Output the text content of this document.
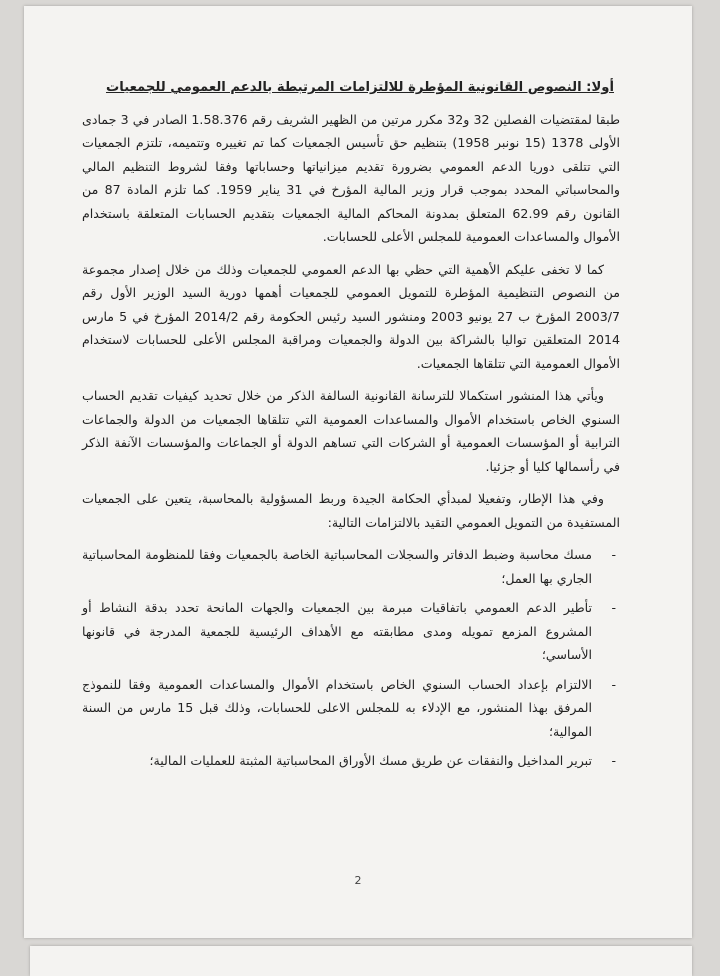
أولا: النصوص القانونية المؤطرة للالتزامات المرتبطة بالدعم العمومي للجمعيات

طبقا لمقتضيات الفصلين 32 و32 مكرر مرتين من الظهير الشريف رقم 1.58.376 الصادر في 3 جمادى الأولى 1378 (15 نونبر 1958) بتنظيم حق تأسيس الجمعيات كما تم تغييره وتتميمه، تلتزم الجمعيات التي تتلقى دوريا الدعم العمومي بضرورة تقديم ميزانياتها وحساباتها وفقا لشروط التنظيم المالي والمحاسباتي المحدد بموجب قرار وزير المالية المؤرخ في 31 يناير 1959. كما تلزم المادة 87 من القانون رقم 62.99 المتعلق بمدونة المحاكم المالية الجمعيات بتقديم الحسابات المتعلقة باستخدام الأموال والمساعدات العمومية للمجلس الأعلى للحسابات.

كما لا تخفى عليكم الأهمية التي حظي بها الدعم العمومي للجمعيات وذلك من خلال إصدار مجموعة من النصوص التنظيمية المؤطرة للتمويل العمومي للجمعيات أهمها دورية السيد الوزير الأول رقم 2003/7 المؤرخ ب 27 يونيو 2003 ومنشور السيد رئيس الحكومة رقم 2014/2 المؤرخ في 5 مارس 2014 المتعلقين تواليا بالشراكة بين الدولة والجمعيات ومراقبة المجلس الأعلى للحسابات لاستخدام الأموال العمومية التي تتلقاها الجمعيات.

ويأتي هذا المنشور استكمالا للترسانة القانونية السالفة الذكر من خلال تحديد كيفيات تقديم الحساب السنوي الخاص باستخدام الأموال والمساعدات العمومية التي تتلقاها الجمعيات من الدولة والجماعات الترابية أو المؤسسات العمومية أو الشركات التي تساهم الدولة أو الجماعات والمؤسسات الآنفة الذكر في رأسمالها كليا أو جزئيا.

وفي هذا الإطار، وتفعيلا لمبدأي الحكامة الجيدة وربط المسؤولية بالمحاسبة، يتعين على الجمعيات المستفيدة من التمويل العمومي التقيد بالالتزامات التالية:

-
مسك محاسبة وضبط الدفاتر والسجلات المحاسباتية الخاصة بالجمعيات وفقا للمنظومة المحاسباتية الجاري بها العمل؛
-
تأطير الدعم العمومي باتفاقيات مبرمة بين الجمعيات والجهات المانحة تحدد بدقة النشاط أو المشروع المزمع تمويله ومدى مطابقته مع الأهداف الرئيسية للجمعية المدرجة في قانونها الأساسي؛
-
الالتزام بإعداد الحساب السنوي الخاص باستخدام الأموال والمساعدات العمومية وفقا للنموذج المرفق بهذا المنشور، مع الإدلاء به للمجلس الاعلى للحسابات، وذلك قبل 15 مارس من السنة الموالية؛
-
تبرير المداخيل والنفقات عن طريق مسك الأوراق المحاسباتية المثبتة للعمليات المالية؛
2
